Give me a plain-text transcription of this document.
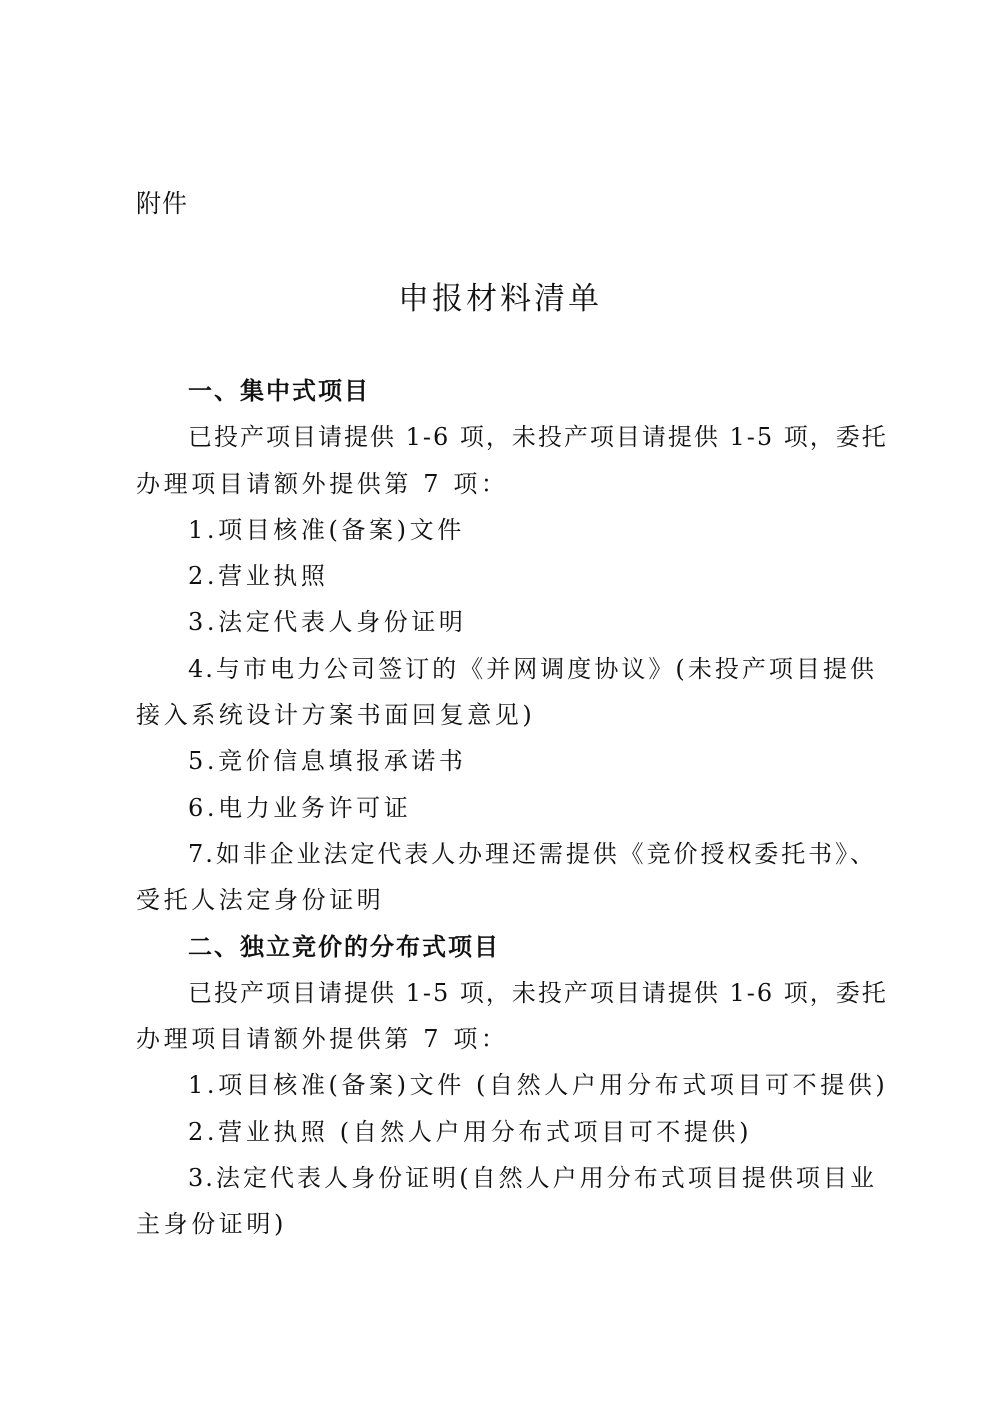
附件
申报材料清单
一、集中式项目
已投产项目请提供 1-6 项，未投产项目请提供 1-5 项，委托
办理项目请额外提供第 7 项：
1.项目核准(备案)文件
2.营业执照
3.法定代表人身份证明
4.与市电力公司签订的《并网调度协议》(未投产项目提供
接入系统设计方案书面回复意见)
5.竞价信息填报承诺书
6.电力业务许可证
7.如非企业法定代表人办理还需提供《竞价授权委托书》、
受托人法定身份证明
二、独立竞价的分布式项目
已投产项目请提供 1-5 项，未投产项目请提供 1-6 项，委托
办理项目请额外提供第 7 项：
1.项目核准(备案)文件 (自然人户用分布式项目可不提供)
2.营业执照 (自然人户用分布式项目可不提供)
3.法定代表人身份证明(自然人户用分布式项目提供项目业
主身份证明)
